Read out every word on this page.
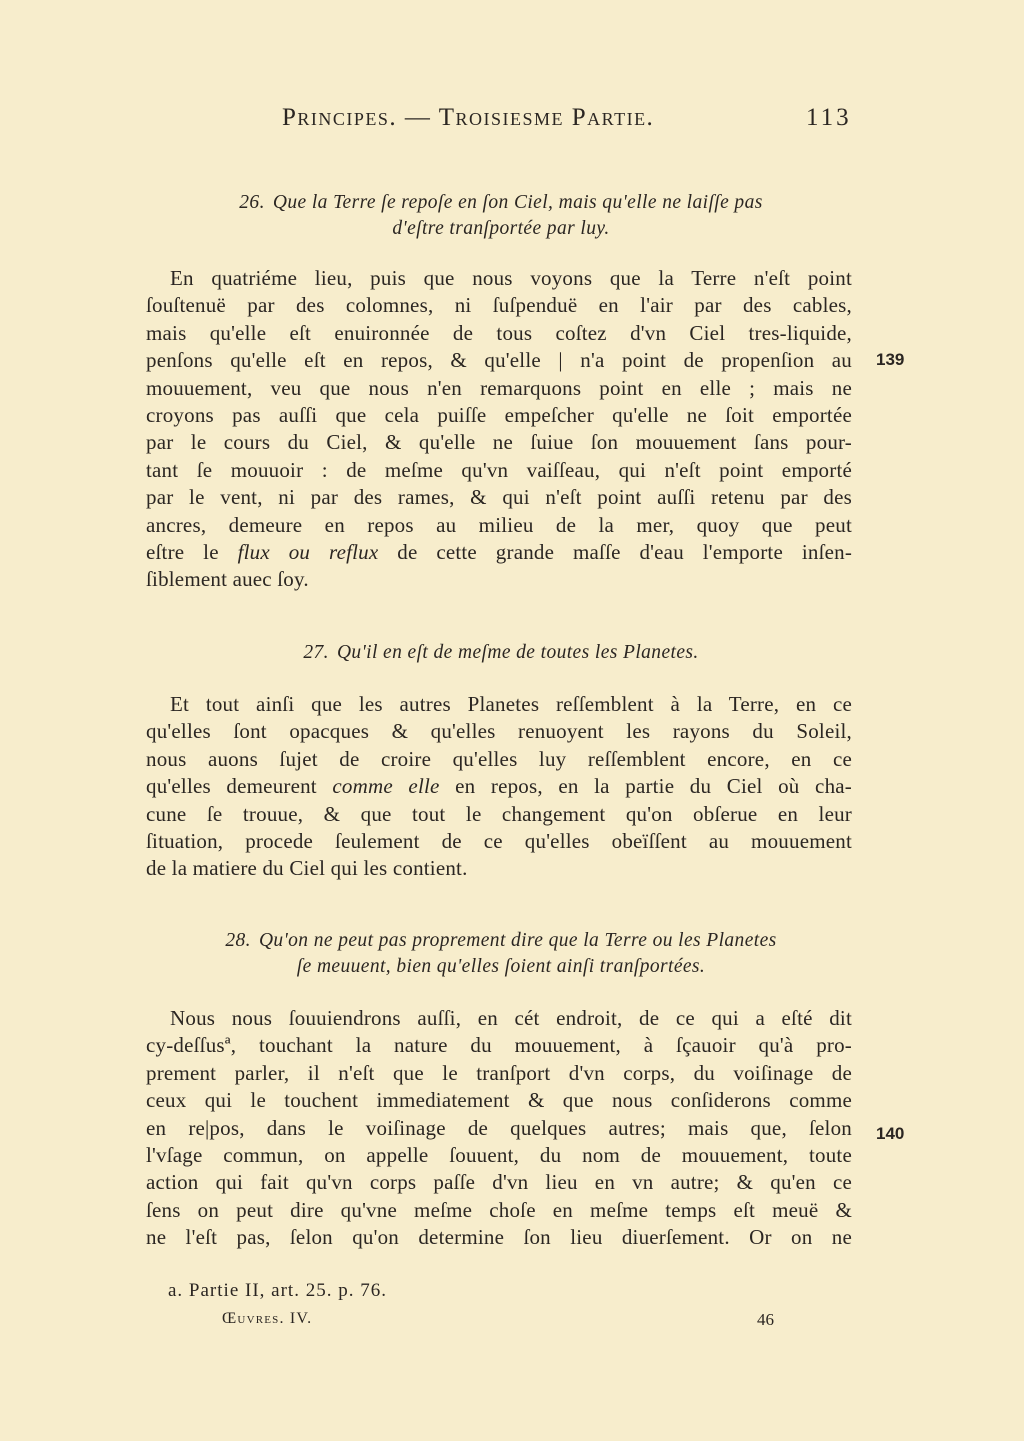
Principes. — Troisiesme Partie.	113
26. Que la Terre ſe repoſe en ſon Ciel, mais qu'elle ne laiſſe pas
d'eſtre tranſportée par luy.
En quatriéme lieu, puis que nous voyons que la Terre n'eſt point
ſouſtenuë par des colomnes, ni ſuſpenduë en l'air par des cables,
mais qu'elle eſt enuironnée de tous coſtez d'vn Ciel tres-liquide,
penſons qu'elle eſt en repos, & qu'elle | n'a point de propenſion au
mouuement, veu que nous n'en remarquons point en elle ; mais ne
croyons pas auſſi que cela puiſſe empeſcher qu'elle ne ſoit emportée
par le cours du Ciel, & qu'elle ne ſuiue ſon mouuement ſans pour-
tant ſe mouuoir : de meſme qu'vn vaiſſeau, qui n'eſt point emporté
par le vent, ni par des rames, & qui n'eſt point auſſi retenu par des
ancres, demeure en repos au milieu de la mer, quoy que peut
eſtre le flux ou reflux de cette grande maſſe d'eau l'emporte inſen-
ſiblement auec ſoy.
139
27. Qu'il en eſt de meſme de toutes les Planetes.
Et tout ainſi que les autres Planetes reſſemblent à la Terre, en ce
qu'elles ſont opacques & qu'elles renuoyent les rayons du Soleil,
nous auons ſujet de croire qu'elles luy reſſemblent encore, en ce
qu'elles demeurent comme elle en repos, en la partie du Ciel où cha-
cune ſe trouue, & que tout le changement qu'on obſerue en leur
ſituation, procede ſeulement de ce qu'elles obeïſſent au mouuement
de la matiere du Ciel qui les contient.
28. Qu'on ne peut pas proprement dire que la Terre ou les Planetes
ſe meuuent, bien qu'elles ſoient ainſi tranſportées.
Nous nous ſouuiendrons auſſi, en cét endroit, de ce qui a eſté dit
cy-deſſusª, touchant la nature du mouuement, à ſçauoir qu'à pro-
prement parler, il n'eſt que le tranſport d'vn corps, du voiſinage de
ceux qui le touchent immediatement & que nous conſiderons comme
en re|pos, dans le voiſinage de quelques autres; mais que, ſelon
l'vſage commun, on appelle ſouuent, du nom de mouuement, toute
action qui fait qu'vn corps paſſe d'vn lieu en vn autre; & qu'en ce
ſens on peut dire qu'vne meſme choſe en meſme temps eſt meuë &
ne l'eſt pas, ſelon qu'on determine ſon lieu diuerſement. Or on ne
140
a. Partie II, art. 25. p. 76.
Œuvres. IV.	46
